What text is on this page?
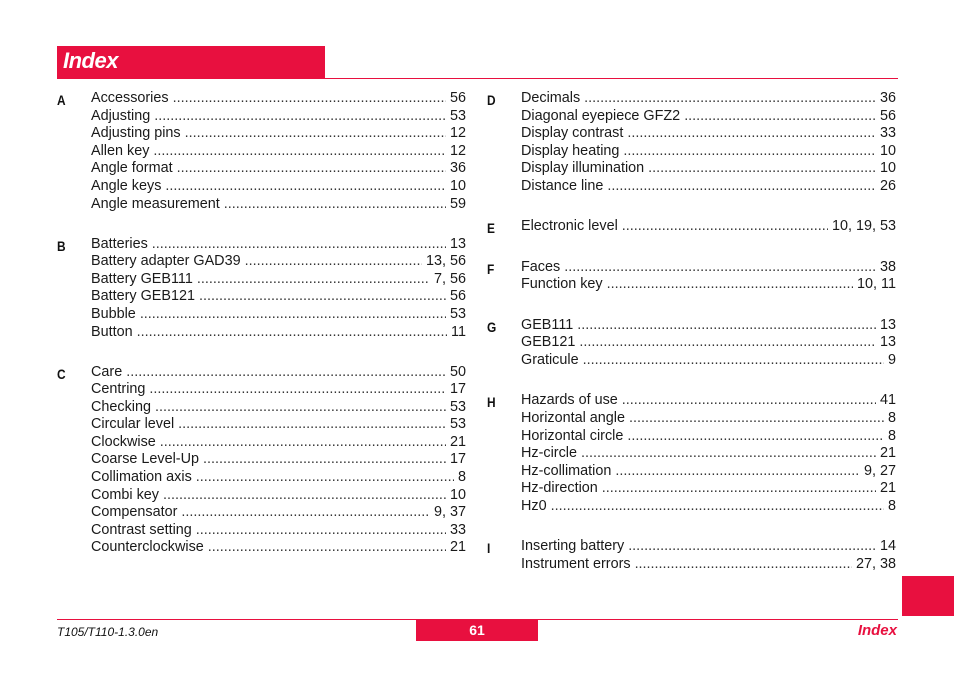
Index
A Accessories .....	56
Adjusting .....	53
Adjusting pins .....	12
Allen key .....	12
Angle format .....	36
Angle keys .....	10
Angle measurement .....	59
B Batteries .....	13
Battery adapter GAD39 .....	13, 56
Battery GEB111 .....	7, 56
Battery GEB121 .....	56
Bubble .....	53
Button .....	11
C Care .....	50
Centring .....	17
Checking .....	53
Circular level .....	53
Clockwise .....	21
Coarse Level-Up .....	17
Collimation axis .....	8
Combi key .....	10
Compensator .....	9, 37
Contrast setting .....	33
Counterclockwise .....	21
D Decimals .....	36
Diagonal eyepiece GFZ2 .....	56
Display contrast .....	33
Display heating .....	10
Display illumination .....	10
Distance line .....	26
E Electronic level .....	10, 19, 53
F Faces .....	38
Function key .....	10, 11
G GEB111 .....	13
GEB121 .....	13
Graticule .....	9
H Hazards of use .....	41
Horizontal angle .....	8
Horizontal circle .....	8
Hz-circle .....	21
Hz-collimation .....	9, 27
Hz-direction .....	21
Hz0 .....	8
I Inserting battery .....	14
Instrument errors .....	27, 38
61
T105/T110-1.3.0en	Index
